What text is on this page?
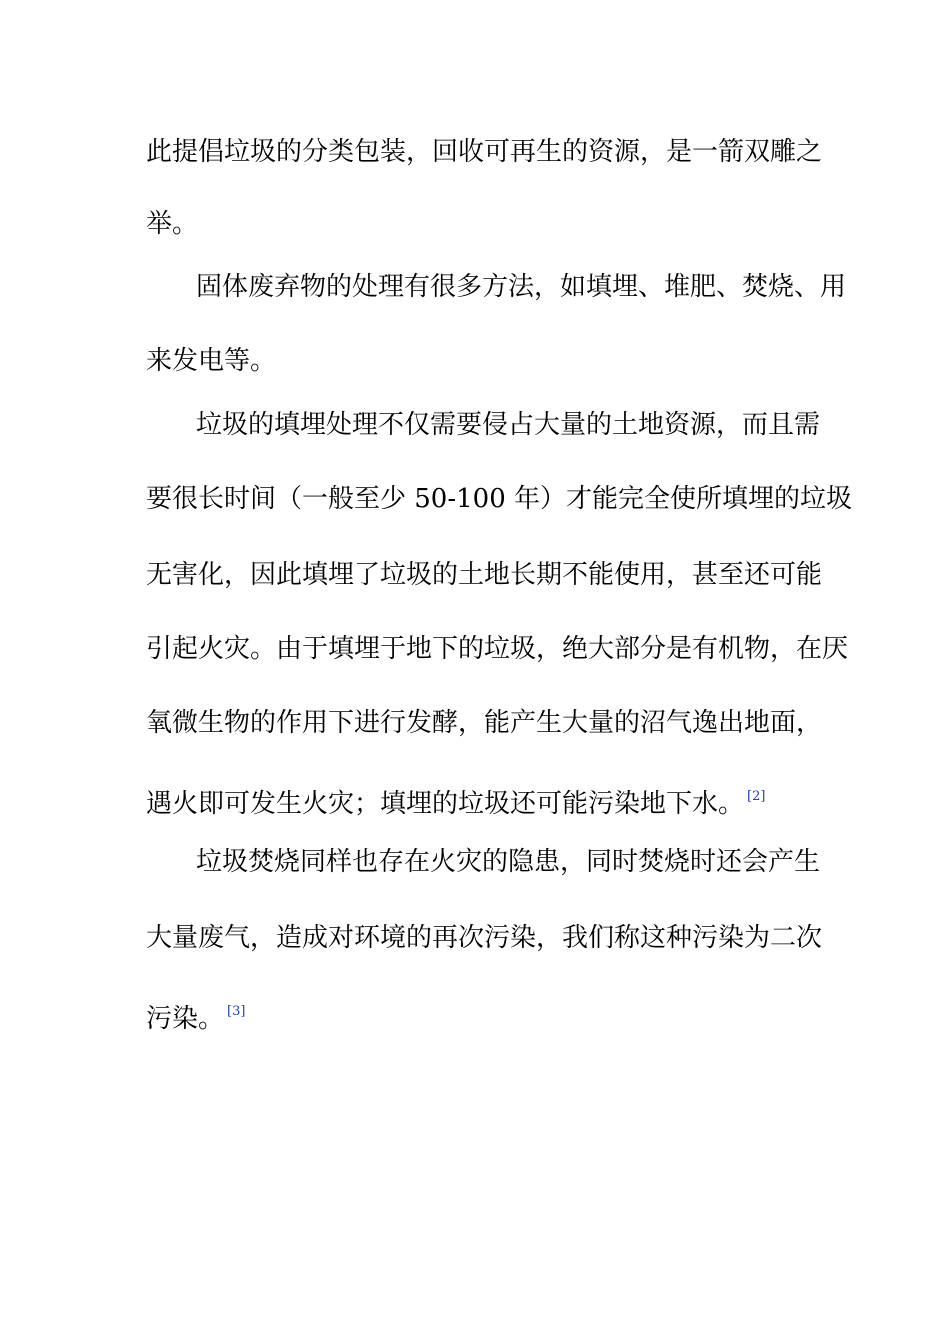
此提倡垃圾的分类包装，回收可再生的资源，是一箭双雕之
举。
固体废弃物的处理有很多方法，如填埋、堆肥、焚烧、用
来发电等。
垃圾的填埋处理不仅需要侵占大量的土地资源，而且需
要很长时间（一般至少 50-100 年）才能完全使所填埋的垃圾
无害化，因此填埋了垃圾的土地长期不能使用，甚至还可能
引起火灾。由于填埋于地下的垃圾，绝大部分是有机物，在厌
氧微生物的作用下进行发酵，能产生大量的沼气逸出地面，
遇火即可发生火灾；填埋的垃圾还可能污染地下水。 [2]
垃圾焚烧同样也存在火灾的隐患，同时焚烧时还会产生
大量废气，造成对环境的再次污染，我们称这种污染为二次
污染。 [3]
